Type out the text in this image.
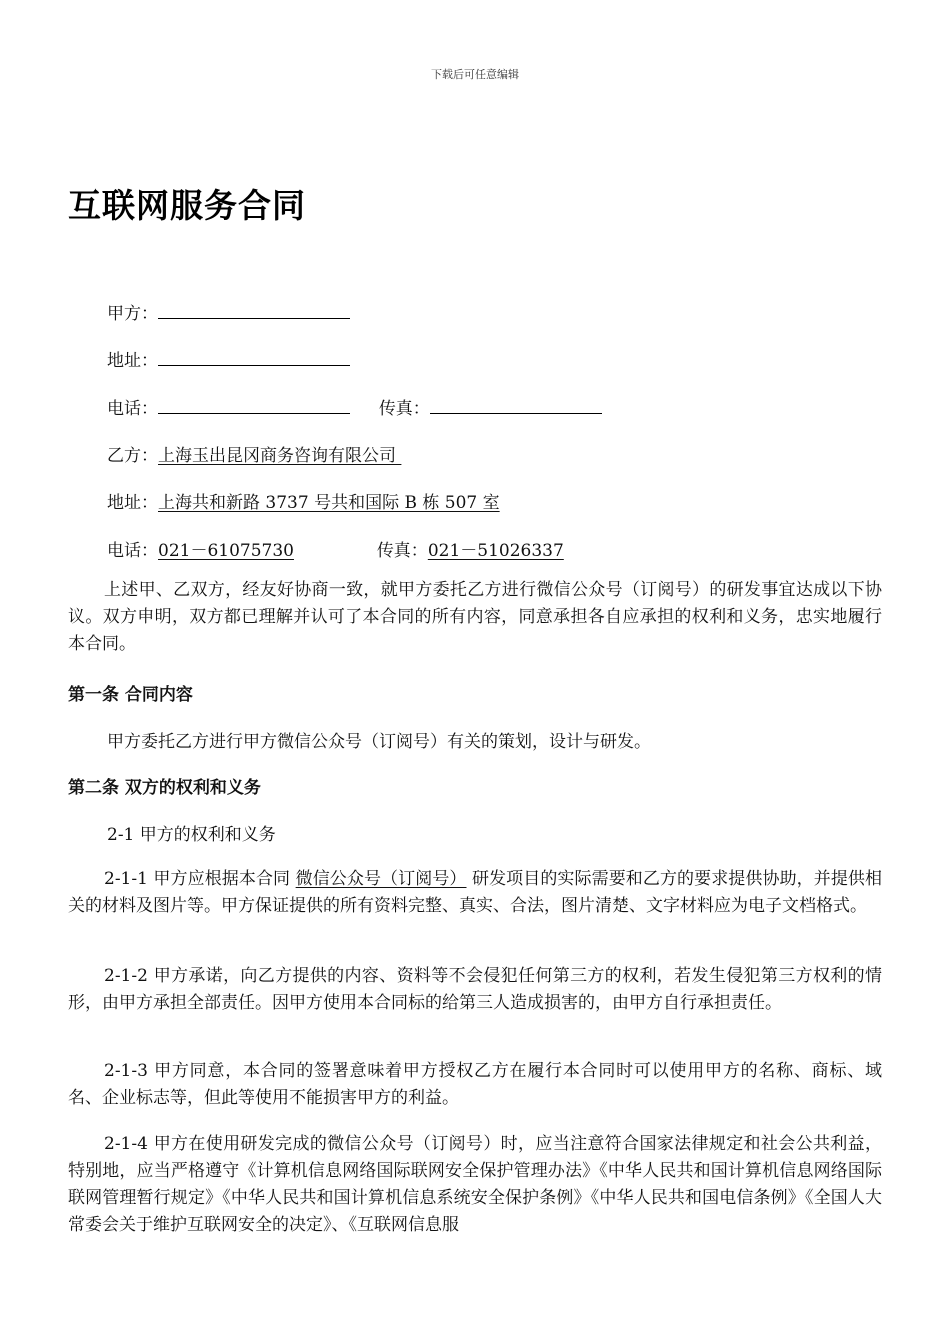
下载后可任意编辑
互联网服务合同
甲方：
地址：
电话：	传真：
乙方：上海玉出昆冈商务咨询有限公司
地址：上海共和新路 3737 号共和国际 B 栋 507 室
电话：021－61075730	传真：021－51026337

上述甲、乙双方，经友好协商一致，就甲方委托乙方进行微信公众号（订阅号）的研发事宜达成以下协议。双方申明，双方都已理解并认可了本合同的所有内容，同意承担各自应承担的权利和义务，忠实地履行本合同。

第一条 合同内容

甲方委托乙方进行甲方微信公众号（订阅号）有关的策划，设计与研发。

第二条 双方的权利和义务

2-1 甲方的权利和义务

2-1-1 甲方应根据本合同 微信公众号（订阅号） 研发项目的实际需要和乙方的要求提供协助，并提供相关的材料及图片等。甲方保证提供的所有资料完整、真实、合法，图片清楚、文字材料应为电子文档格式。

2-1-2 甲方承诺，向乙方提供的内容、资料等不会侵犯任何第三方的权利，若发生侵犯第三方权利的情形，由甲方承担全部责任。因甲方使用本合同标的给第三人造成损害的，由甲方自行承担责任。

2-1-3 甲方同意，本合同的签署意味着甲方授权乙方在履行本合同时可以使用甲方的名称、商标、域名、企业标志等，但此等使用不能损害甲方的利益。

2-1-4 甲方在使用研发完成的微信公众号（订阅号）时，应当注意符合国家法律规定和社会公共利益，特别地，应当严格遵守《计算机信息网络国际联网安全保护管理办法》《中华人民共和国计算机信息网络国际联网管理暂行规定》《中华人民共和国计算机信息系统安全保护条例》《中华人民共和国电信条例》《全国人大常委会关于维护互联网安全的决定》、《互联网信息服
